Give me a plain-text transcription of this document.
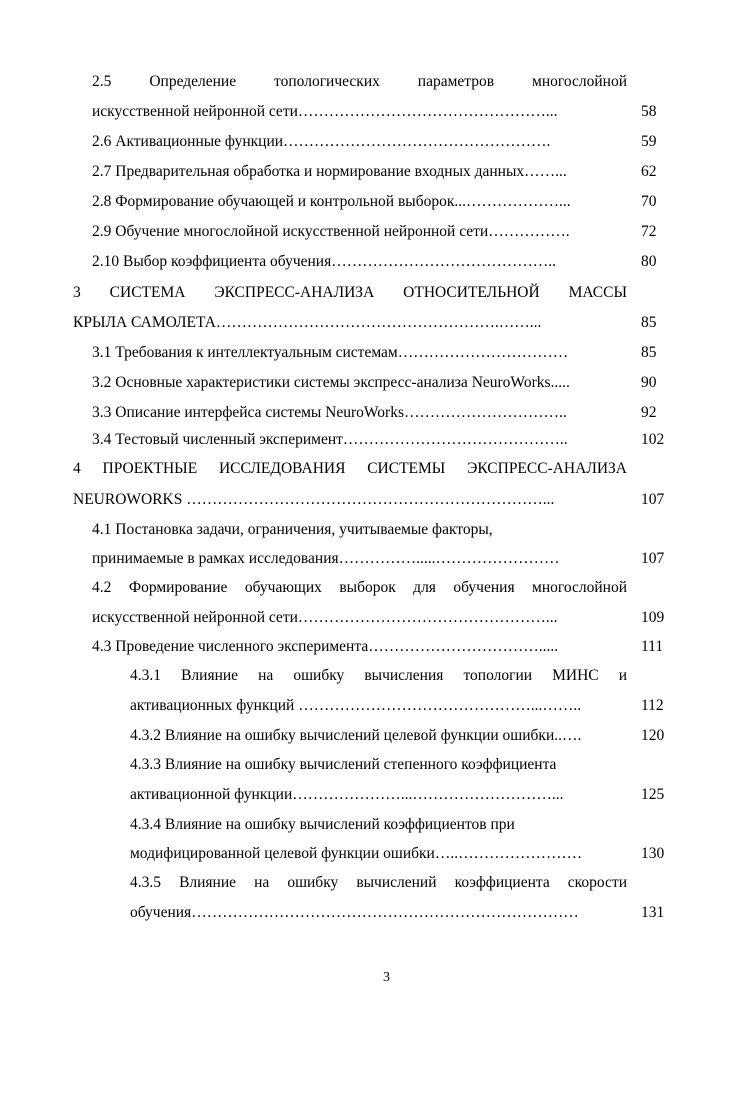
2.5 Определение топологических параметров многослойной
искусственной нейронной сети…………………………………………...	58
2.6 Активационные функции…………………………………………….	59
2.7 Предварительная обработка и нормирование входных данных……...	62
2.8 Формирование обучающей и контрольной выборок...………………...	70
2.9 Обучение многослойной искусственной нейронной сети…………….	72
2.10 Выбор коэффициента обучения……………………………………..	80
3 СИСТЕМА ЭКСПРЕСС-АНАЛИЗА ОТНОСИТЕЛЬНОЙ МАССЫ
КРЫЛА САМОЛЕТА……………………………………………….……...	85
3.1 Требования к интеллектуальным системам……………………………	85
3.2 Основные характеристики системы экспресс-анализа NeuroWorks.....	90
3.3 Описание интерфейса системы NeuroWorks…………………………..	92
3.4 Тестовый численный эксперимент……………………………………..	102
4 ПРОЕКТНЫЕ ИССЛЕДОВАНИЯ СИСТЕМЫ ЭКСПРЕСС-АНАЛИЗА
NEUROWORKS ……………………………………………………………...	107
4.1 Постановка задачи, ограничения, учитываемые факторы,
принимаемые в рамках исследования…………….....……………………	107
4.2 Формирование обучающих выборок для обучения многослойной
искусственной нейронной сети…………………………………………...	109
4.3 Проведение численного эксперимента…………………………….....	111
4.3.1 Влияние на ошибку вычисления топологии МИНС и
активационных функций ………………………………………...……..	112
4.3.2 Влияние на ошибку вычислений целевой функции ошибки..….	120
4.3.3 Влияние на ошибку вычислений степенного коэффициента
активационной функции…………………...………………………...	125
4.3.4 Влияние на ошибку вычислений коэффициентов при
модифицированной целевой функции ошибки…..……………………	130
4.3.5 Влияние на ошибку вычислений коэффициента скорости
обучения…………………………………………………………………	131
3
